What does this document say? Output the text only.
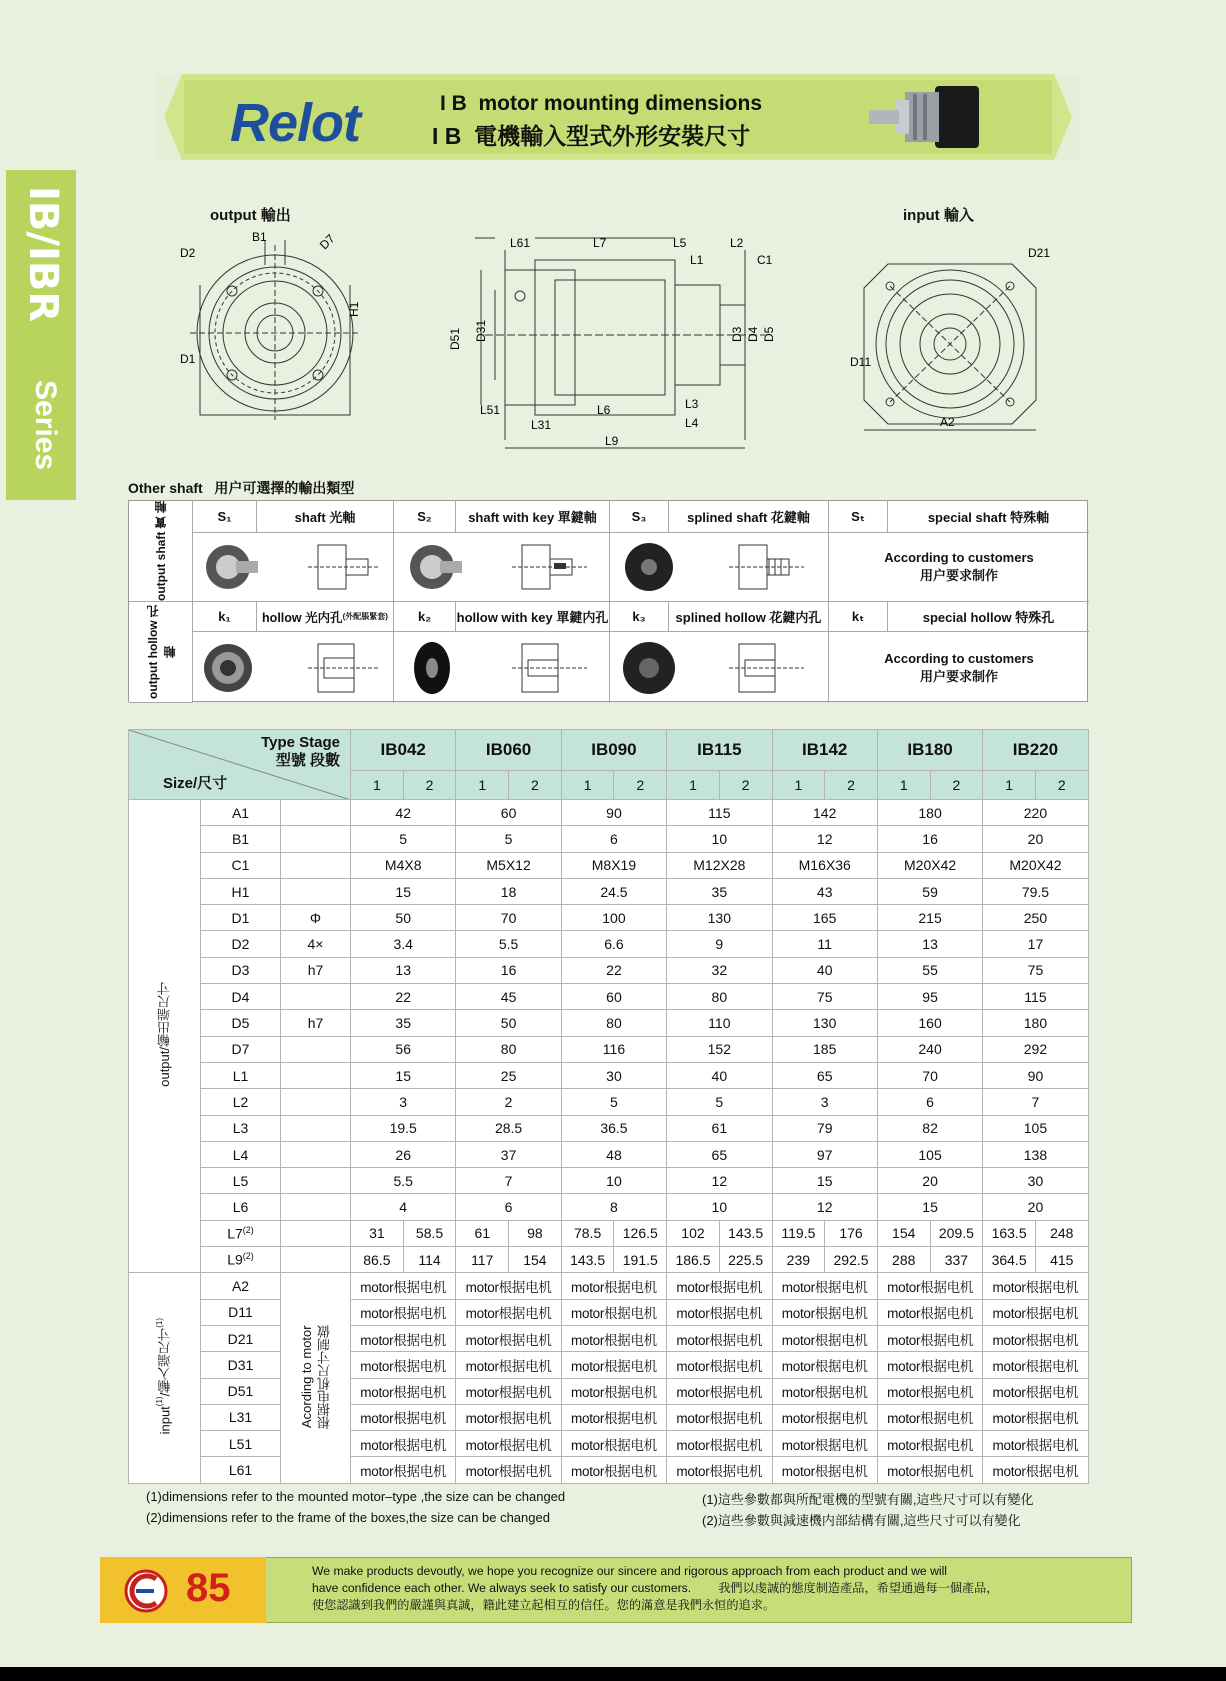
Relot	I B  motor mounting dimensions
I B  電機輸入型式外形安裝尺寸
IB/IBR
Series
output 輸出	input 輸入
B1
D2
D1
D7
H1
L61	L7	L5	L2
L1	C1
D51 D31	D3 D4 D5
L51
L31
L6	L3
L4
L9
D21
D11
A2
Other shaft   用户可選擇的輸出類型
output shaft 實 軸
output hollow 孔 軸
S₁	shaft 光軸	S₂	shaft with key 單鍵軸	S₃	splined shaft 花鍵軸	Sₜ	special shaft 特殊軸
According to customers
用户要求制作
k₁	hollow 光内孔 (外配脹緊套)	k₂	hollow with key 單鍵内孔	k₃	splined hollow 花鍵内孔	kₜ	special hollow 特殊孔
According to customers
用户要求制作
Type Stage
型號 段數
Size/尺寸			IB042		IB060		IB090		IB115		IB142		IB180		IB220	
			1	2	1	2	1	2	1	2	1	2	1	2	1	2
output/輸出端尺寸	A1		42		60		90		115		142		180		220	
	B1		5		5		6		10		12		16		20	
	C1		M4X8		M5X12		M8X19		M12X28		M16X36		M20X42		M20X42	
	H1		15		18		24.5		35		43		59		79.5	
	D1	Φ	50		70		100		130		165		215		250	
	D2	4×	3.4		5.5		6.6		9		11		13		17	
	D3	h7	13		16		22		32		40		55		75	
	D4		22		45		60		80		75		95		115	
	D5	h7	35		50		80		110		130		160		180	
	D7		56		80		116		152		185		240		292	
	L1		15		25		30		40		65		70		90	
	L2		3		2		5		5		3		6		7	
	L3		19.5		28.5		36.5		61		79		82		105	
	L4		26		37		48		65		97		105		138	
	L5		5.5		7		10		12		15		20		30	
	L6		4		6		8		10		12		15		20	
	L7$^{(2)}$		31	58.5	61	98	78.5	126.5	102	143.5	119.5	176	154	209.5	163.5	248
	L9$^{(2)}$		86.5	114	117	154	143.5	191.5	186.5	225.5	239	292.5	288	337	364.5	415
input$^{(1)}$/輸入端尺寸$^{(1)}$	A2	Acording to motor 根据电机尺寸制做	motor根据电机		motor根据电机		motor根据电机		motor根据电机		motor根据电机		motor根据电机		motor根据电机	
	D11		motor根据电机		motor根据电机		motor根据电机		motor根据电机		motor根据电机		motor根据电机		motor根据电机	
	D21		motor根据电机		motor根据电机		motor根据电机		motor根据电机		motor根据电机		motor根据电机		motor根据电机	
	D31		motor根据电机		motor根据电机		motor根据电机		motor根据电机		motor根据电机		motor根据电机		motor根据电机	
	D51		motor根据电机		motor根据电机		motor根据电机		motor根据电机		motor根据电机		motor根据电机		motor根据电机	
	L31		motor根据电机		motor根据电机		motor根据电机		motor根据电机		motor根据电机		motor根据电机		motor根据电机	
	L51		motor根据电机		motor根据电机		motor根据电机		motor根据电机		motor根据电机		motor根据电机		motor根据电机	
	L61		motor根据电机		motor根据电机		motor根据电机		motor根据电机		motor根据电机		motor根据电机		motor根据电机	
(1)dimensions refer to the mounted motor–type ,the size can be changed
(2)dimensions refer to the frame of the boxes,the size can be changed
(1)這些參數都與所配電機的型號有關,這些尺寸可以有變化
(2)這些參數與減速機内部結構有關,這些尺寸可以有變化
85	We make products devoutly, we hope you recognize our sincere and rigorous approach from each product and we will
have confidence each other. We always seek to satisfy our customers.        我們以虔誠的態度制造產品，希望通過每一個產品，
使您認識到我們的嚴謹與真誠，籍此建立起相互的信任。您的滿意是我們永恒的追求。
